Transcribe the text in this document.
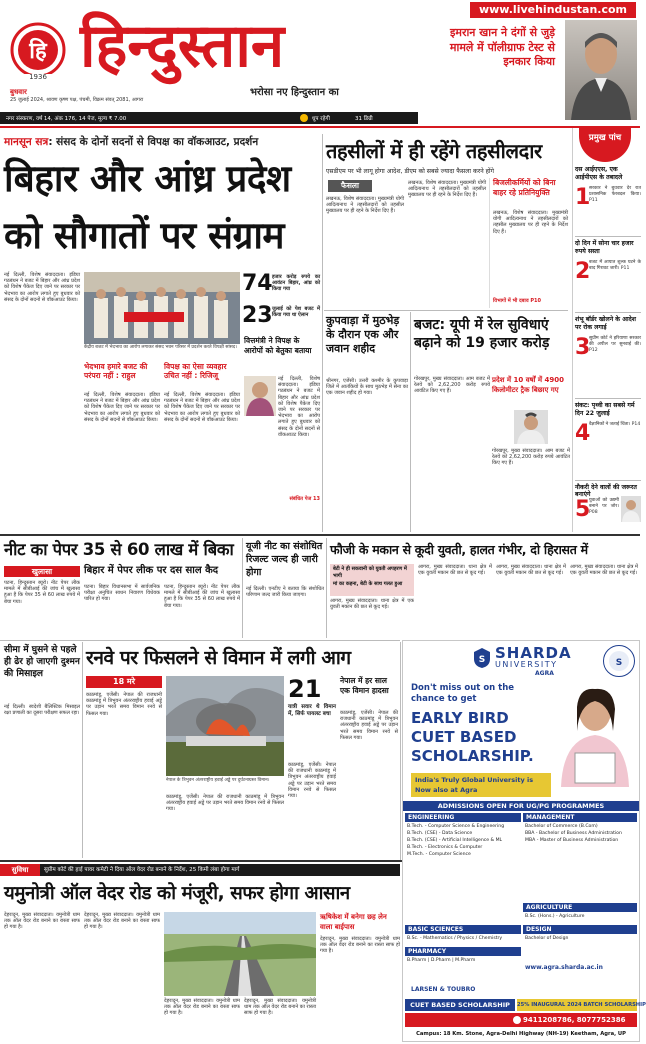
www.livehindustan.com
हि
1936 हिन्दुस्तान
भरोसा नए हिन्दुस्तान का
बुधवार
25 जुलाई 2024, श्रावण कृष्ण पक्ष, पंचमी, विक्रम संवत् 2081, आगरा
इमरान खान ने दंगों से जुड़े मामले में पॉलीग्राफ टेस्ट से इनकार किया
नगर संस्करण, वर्ष 14, अंक 176, 14 पेज, मूल्य ₹ 7.00	धूप रहेगी	31 डिग्री
मानसून सत्र: संसद के दोनों सदनों से विपक्ष का वॉकआउट, प्रदर्शन
बिहार और आंध्र प्रदेश को सौगातों पर संग्राम
नई दिल्ली, विशेष संवाददाता। इंडिया गठबंधन ने बजट में बिहार और आंध्र प्रदेश को विशेष पैकेज दिए जाने पर सरकार पर भेदभाव का आरोप लगाते हुए बुधवार को संसद के दोनों सदनों से वॉकआउट किया।
केंद्रीय बजट में भेदभाव का आरोप लगाकर संसद भवन परिसर में प्रदर्शन करते विपक्षी सांसद।
74 हजार करोड़ रुपये का आवंटन बिहार, आंध्र को किया गया
23 जुलाई को पेश बजट में किया गया था ऐलान
भेदभाव हमारे बजट की परंपरा नहीं : राहुल
नई दिल्ली, विशेष संवाददाता। इंडिया गठबंधन ने बजट में बिहार और आंध्र प्रदेश को विशेष पैकेज दिए जाने पर सरकार पर भेदभाव का आरोप लगाते हुए बुधवार को संसद के दोनों सदनों से वॉकआउट किया।
विपक्ष का ऐसा व्यवहार उचित नहीं : रिजिजू
नई दिल्ली, विशेष संवाददाता। इंडिया गठबंधन ने बजट में बिहार और आंध्र प्रदेश को विशेष पैकेज दिए जाने पर सरकार पर भेदभाव का आरोप लगाते हुए बुधवार को संसद के दोनों सदनों से वॉकआउट किया।
संबंधित पेज 13
वित्तमंत्री ने विपक्ष के आरोपों को बेतुका बताया
नई दिल्ली, विशेष संवाददाता। इंडिया गठबंधन ने बजट में बिहार और आंध्र प्रदेश को विशेष पैकेज दिए जाने पर सरकार पर भेदभाव का आरोप लगाते हुए बुधवार को संसद के दोनों सदनों से वॉकआउट किया।
तहसीलों में ही रहेंगे तहसीलदार
एसडीएम पर भी लागू होगा आदेश, डीएम को सबसे ज्यादा फैसला करने होंगे
फैसला
लखनऊ, विशेष संवाददाता। मुख्यमंत्री योगी आदित्यनाथ ने तहसीलदारों को तहसील मुख्यालय पर ही रहने के निर्देश दिए हैं।
लखनऊ, विशेष संवाददाता। मुख्यमंत्री योगी आदित्यनाथ ने तहसीलदारों को तहसील मुख्यालय पर ही रहने के निर्देश दिए हैं।
बिजलीकर्मियों को बिना बाहर रहे प्रतिनियुक्ति
लखनऊ, विशेष संवाददाता। मुख्यमंत्री योगी आदित्यनाथ ने तहसीलदारों को तहसील मुख्यालय पर ही रहने के निर्देश दिए हैं।
विभागों में भी दबाव P10
कुपवाड़ा में मुठभेड़ के दौरान एक और जवान शहीद
श्रीनगर, एजेंसी। उत्तरी कश्मीर के कुपवाड़ा जिले में आतंकियों के साथ मुठभेड़ में सेना का एक जवान शहीद हो गया।
बजट: यूपी में रेल सुविधाएं बढ़ाने को 19 हजार करोड़
गोरखपुर, मुख्य संवाददाता। आम बजट में रेलवे को 2,62,200 करोड़ रुपये आवंटित किए गए हैं।
प्रदेश में 10 वर्षों में 4900 किलोमीटर ट्रैक बिछाए गए
गोरखपुर, मुख्य संवाददाता। आम बजट में रेलवे को 2,62,200 करोड़ रुपये आवंटित किए गए हैं।
प्रमुख पांच
दस आईएएस, एक आईपीएस के तबादले
1
सरकार ने बुधवार देर रात प्रशासनिक फेरबदल किया। P11
दो दिन में सोना चार हजार रुपये सस्ता
2
बजट में आयात शुल्क घटने के बाद गिरावट जारी। P11
शंभू बॉर्डर खोलने के आदेश पर रोक लगाई
3
सुप्रीम कोर्ट ने हरियाणा सरकार की अपील पर सुनवाई की। P12
संकट: पृथ्वी का सबसे गर्म दिन 22 जुलाई
4
वैज्ञानिकों ने जताई चिंता। P14
नौकरी देने वालों की जरूरत बनाएंगे
5
युवाओं को उद्यमी बनाने पर जोर। P08
नीट का पेपर 35 से 60 लाख में बिका
खुलासा
पटना, हिन्दुस्तान ब्यूरो। नीट पेपर लीक मामले में सीबीआई की जांच में खुलासा हुआ है कि पेपर 35 से 60 लाख रुपये में बेचा गया।
बिहार में पेपर लीक पर दस साल कैद
पटना। बिहार विधानसभा में सार्वजनिक परीक्षा अनुचित साधन निवारण विधेयक पारित हो गया।
पटना, हिन्दुस्तान ब्यूरो। नीट पेपर लीक मामले में सीबीआई की जांच में खुलासा हुआ है कि पेपर 35 से 60 लाख रुपये में बेचा गया।
यूजी नीट का संशोधित रिजल्ट जल्द ही जारी होगा
नई दिल्ली। एनटीए ने बताया कि संशोधित परिणाम जल्द जारी किया जाएगा।
फौजी के मकान से कूदी युवती, हालत गंभीर, दो हिरासत में
बेटी ने ही सकवानी को युवती अपहरण में भागी
मां का कहना, बेटी के साथ गलत हुआ
आगरा, मुख्य संवाददाता। थाना क्षेत्र में एक युवती मकान की छत से कूद गई।
आगरा, मुख्य संवाददाता। थाना क्षेत्र में एक युवती मकान की छत से कूद गई।
आगरा, मुख्य संवाददाता। थाना क्षेत्र में एक युवती मकान की छत से कूद गई।
आगरा, मुख्य संवाददाता। थाना क्षेत्र में एक युवती मकान की छत से कूद गई।
सीमा में घुसने से पहले ही ढेर हो जाएगी दुश्मन की मिसाइल
नई दिल्ली। स्वदेशी बैलिस्टिक मिसाइल रक्षा प्रणाली का दूसरा परीक्षण सफल रहा।
रनवे पर फिसलने से विमान में लगी आग
18 मरे
काठमांडू, एजेंसी। नेपाल की राजधानी काठमांडू में त्रिभुवन अंतरराष्ट्रीय हवाई अड्डे पर उड़ान भरते समय विमान रनवे से फिसल गया।
नेपाल के त्रिभुवन अंतरराष्ट्रीय हवाई अड्डे पर दुर्घटनाग्रस्त विमान।
काठमांडू, एजेंसी। नेपाल की राजधानी काठमांडू में त्रिभुवन अंतरराष्ट्रीय हवाई अड्डे पर उड़ान भरते समय विमान रनवे से फिसल गया।
21
यात्री सवार थे विमान में, सिर्फ पायलट बचा
नेपाल में हर साल एक विमान हादसा
काठमांडू, एजेंसी। नेपाल की राजधानी काठमांडू में त्रिभुवन अंतरराष्ट्रीय हवाई अड्डे पर उड़ान भरते समय विमान रनवे से फिसल गया।
काठमांडू, एजेंसी। नेपाल की राजधानी काठमांडू में त्रिभुवन अंतरराष्ट्रीय हवाई अड्डे पर उड़ान भरते समय विमान रनवे से फिसल गया।
S SHARDA
UNIVERSITY
AGRA
S
Don't miss out on the chance to get
EARLY BIRD CUET BASED SCHOLARSHIP.
India's Truly Global University is Now also at Agra
ADMISSIONS OPEN FOR UG/PG PROGRAMMES
ENGINEERING
B.Tech. - Computer Science & Engineering
B.Tech. (CSE) - Data Science
B.Tech. (CSE) - Artificial Intelligence & ML
B.Tech. - Electronics & Computer
M.Tech. - Computer Science
BASIC SCIENCES
B.Sc. - Mathematics / Physics / Chemistry
PHARMACY
B.Pharm | D.Pharm | M.Pharm
MANAGEMENT
Bachelor of Commerce (B.Com)
BBA - Bachelor of Business Administration
MBA - Master of Business Administration
AGRICULTURE
B.Sc. (Hons.) - Agriculture
DESIGN
Bachelor of Design
www.agra.sharda.ac.in
LARSEN & TOUBRO
CUET BASED SCHOLARSHIP	25% INAUGURAL 2024 BATCH SCHOLARSHIP
9411208786, 8077752386
Campus: 18 Km. Stone, Agra-Delhi Highway (NH-19) Keetham, Agra, UP
सुविधा	सुप्रीम कोर्ट की हाई पावर कमेटी ने दिया ऑल वेदर रोड बनाने के निर्देश, 25 किमी लंबा होगा मार्ग
यमुनोत्री ऑल वेदर रोड को मंजूरी, सफर होगा आसान
देहरादून, मुख्य संवाददाता। यमुनोत्री धाम तक ऑल वेदर रोड बनाने का रास्ता साफ हो गया है।
देहरादून, मुख्य संवाददाता। यमुनोत्री धाम तक ऑल वेदर रोड बनाने का रास्ता साफ हो गया है।
देहरादून, मुख्य संवाददाता। यमुनोत्री धाम तक ऑल वेदर रोड बनाने का रास्ता साफ हो गया है।
देहरादून, मुख्य संवाददाता। यमुनोत्री धाम तक ऑल वेदर रोड बनाने का रास्ता साफ हो गया है।
ऋषिकेश में बनेगा छह लेन वाला बाईपास
देहरादून, मुख्य संवाददाता। यमुनोत्री धाम तक ऑल वेदर रोड बनाने का रास्ता साफ हो गया है।
